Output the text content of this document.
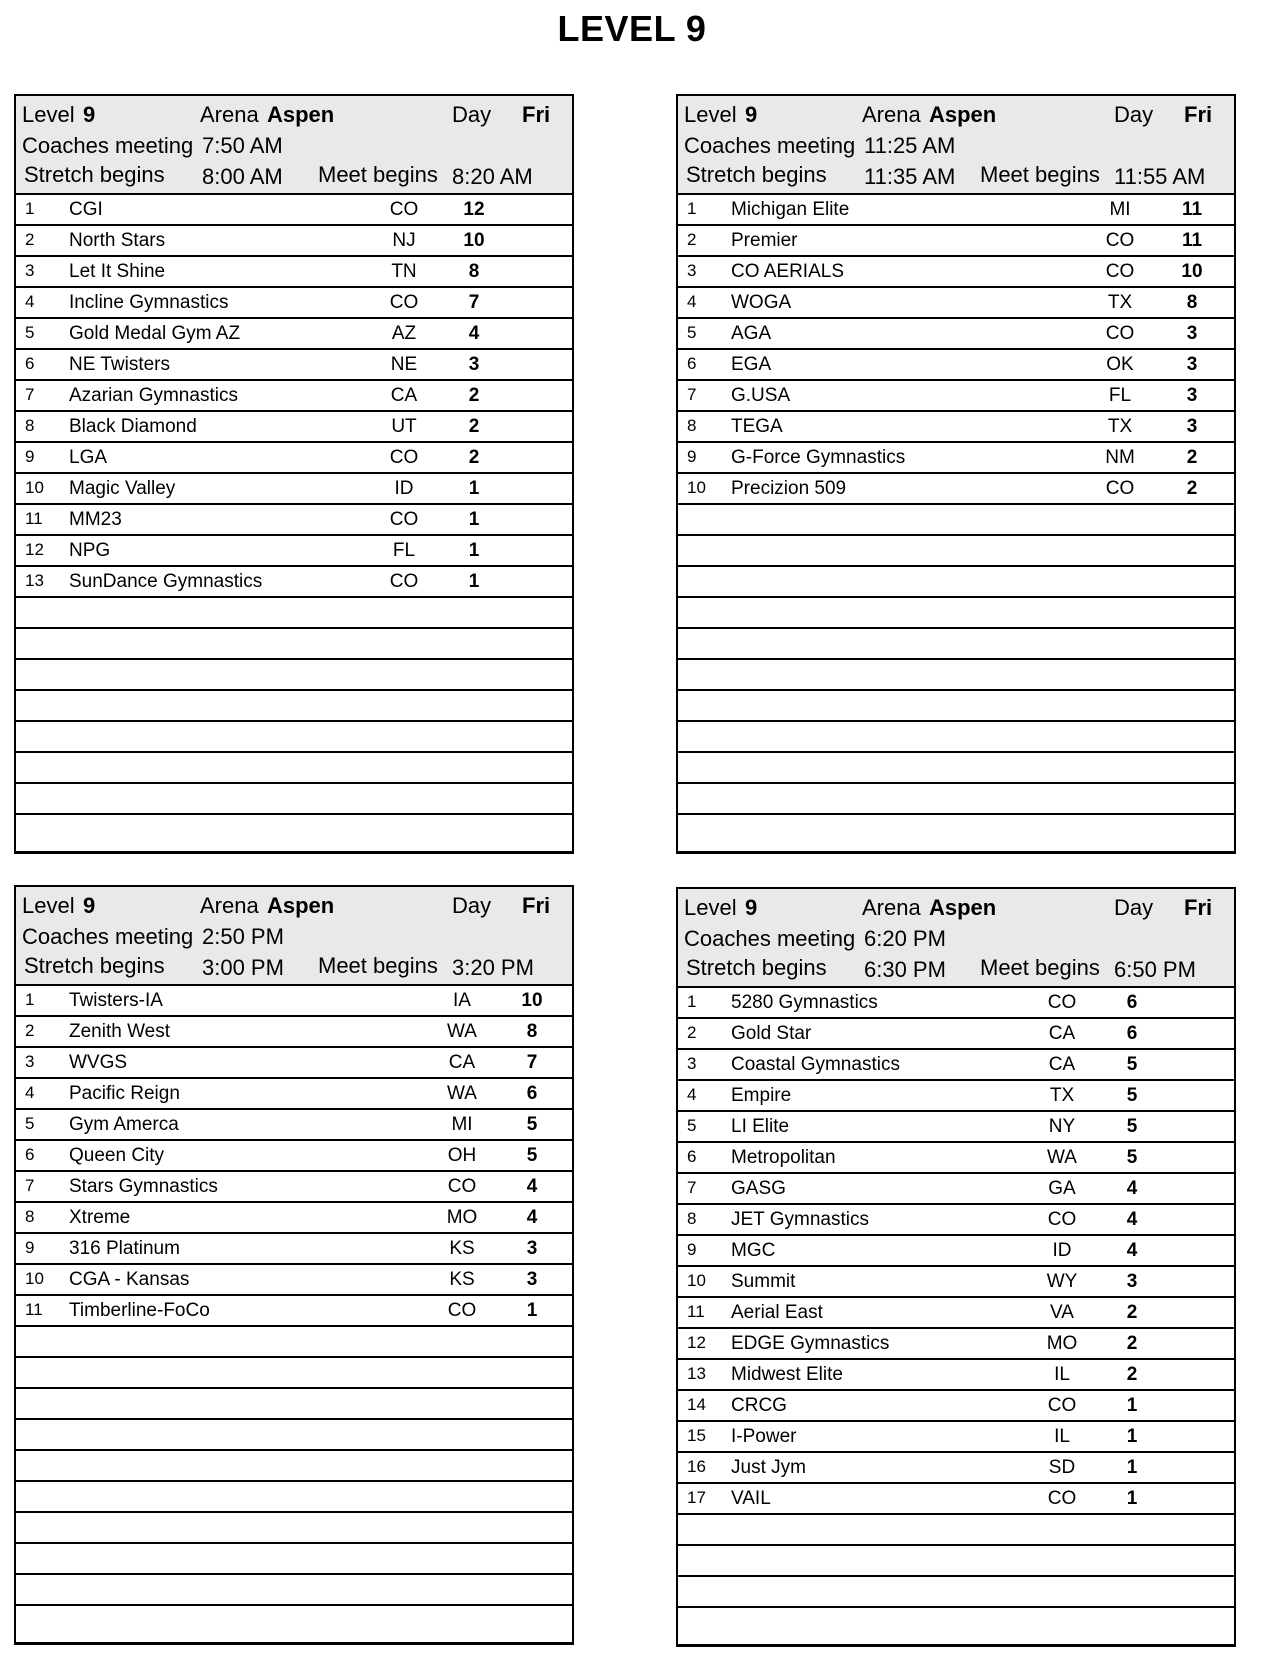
LEVEL 9
Level 9	Arena Aspen	Day Fri
Coaches meeting 7:50 AM
Stretch begins 8:00 AM Meet begins 8:20 AM
1 CGI	CO	12
2 North Stars	NJ	10
3 Let It Shine	TN	8
4 Incline Gymnastics	CO	7
5 Gold Medal Gym AZ	AZ	4
6 NE Twisters	NE	3
7 Azarian Gymnastics	CA	2
8 Black Diamond	UT	2
9 LGA	CO	2
10 Magic Valley	ID	1
11 MM23	CO	1
12 NPG	FL	1
13 SunDance Gymnastics	CO	1
Level 9	Arena Aspen	Day Fri
Coaches meeting 11:25 AM
Stretch begins 11:35 AM Meet begins 11:55 AM
1 Michigan Elite	MI	11
2 Premier	CO	11
3 CO AERIALS	CO	10
4 WOGA	TX	8
5 AGA	CO	3
6 EGA	OK	3
7 G.USA	FL	3
8 TEGA	TX	3
9 G-Force Gymnastics	NM	2
10 Precizion 509	CO	2
Level 9	Arena Aspen	Day Fri
Coaches meeting 2:50 PM
Stretch begins 3:00 PM Meet begins 3:20 PM
1 Twisters-IA	IA	10
2 Zenith West	WA	8
3 WVGS	CA	7
4 Pacific Reign	WA	6
5 Gym Amerca	MI	5
6 Queen City	OH	5
7 Stars Gymnastics	CO	4
8 Xtreme	MO	4
9 316 Platinum	KS	3
10 CGA - Kansas	KS	3
11 Timberline-FoCo	CO	1
Level 9	Arena Aspen	Day Fri
Coaches meeting 6:20 PM
Stretch begins 6:30 PM Meet begins 6:50 PM
1 5280 Gymnastics	CO	6
2 Gold Star	CA	6
3 Coastal Gymnastics	CA	5
4 Empire	TX	5
5 LI Elite	NY	5
6 Metropolitan	WA	5
7 GASG	GA	4
8 JET Gymnastics	CO	4
9 MGC	ID	4
10 Summit	WY	3
11 Aerial East	VA	2
12 EDGE Gymnastics	MO	2
13 Midwest Elite	IL	2
14 CRCG	CO	1
15 I-Power	IL	1
16 Just Jym	SD	1
17 VAIL	CO	1
